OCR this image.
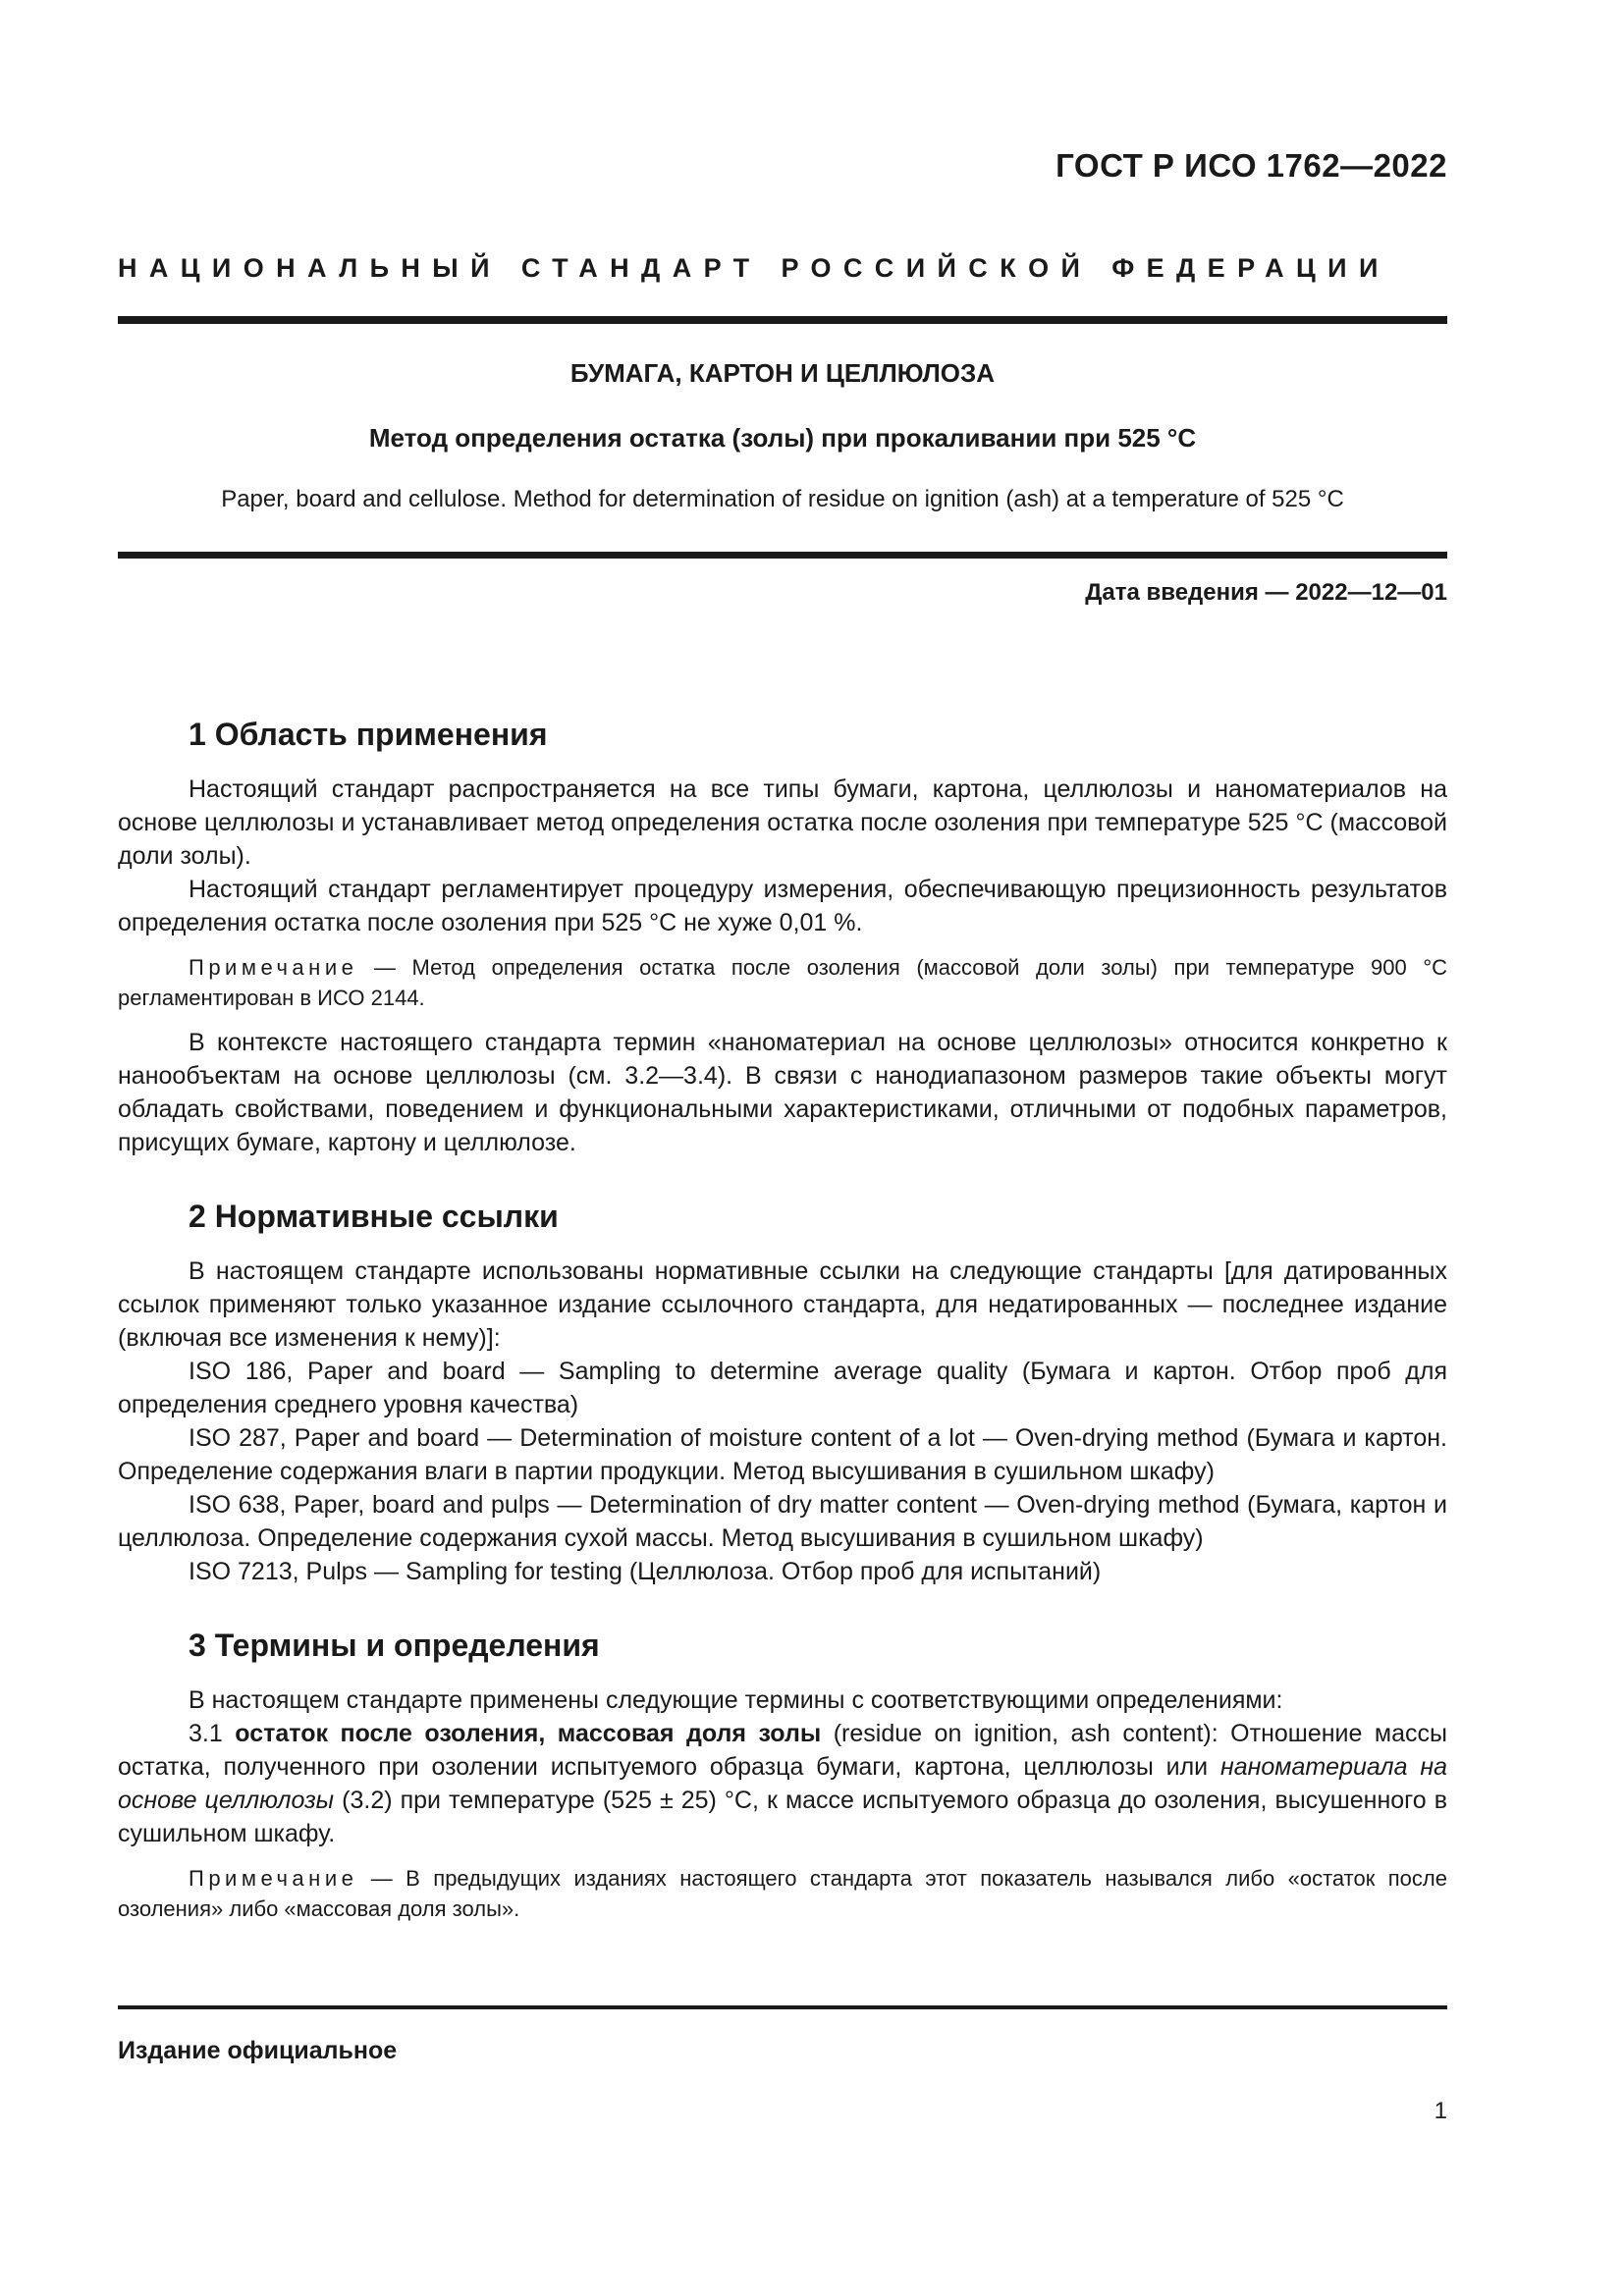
ГОСТ Р ИСО 1762—2022
НАЦИОНАЛЬНЫЙ СТАНДАРТ РОССИЙСКОЙ ФЕДЕРАЦИИ
БУМАГА, КАРТОН И ЦЕЛЛЮЛОЗА
Метод определения остатка (золы) при прокаливании при 525 °С
Paper, board and cellulose. Method for determination of residue on ignition (ash) at a temperature of 525 °С
Дата введения — 2022—12—01
1 Область применения

Настоящий стандарт распространяется на все типы бумаги, картона, целлюлозы и наноматериалов на основе целлюлозы и устанавливает метод определения остатка после озоления при температуре 525 °С (массовой доли золы).

Настоящий стандарт регламентирует процедуру измерения, обеспечивающую прецизионность результатов определения остатка после озоления при 525 °С не хуже 0,01 %.

Примечание — Метод определения остатка после озоления (массовой доли золы) при температуре 900 °С регламентирован в ИСО 2144.

В контексте настоящего стандарта термин «наноматериал на основе целлюлозы» относится конкретно к нанообъектам на основе целлюлозы (см. 3.2—3.4). В связи с нанодиапазоном размеров такие объекты могут обладать свойствами, поведением и функциональными характеристиками, отличными от подобных параметров, присущих бумаге, картону и целлюлозе.

2 Нормативные ссылки

В настоящем стандарте использованы нормативные ссылки на следующие стандарты [для датированных ссылок применяют только указанное издание ссылочного стандарта, для недатированных — последнее издание (включая все изменения к нему)]:

ISO 186, Paper and board — Sampling to determine average quality (Бумага и картон. Отбор проб для определения среднего уровня качества)

ISO 287, Paper and board — Determination of moisture content of a lot — Oven-drying method (Бумага и картон. Определение содержания влаги в партии продукции. Метод высушивания в сушильном шкафу)

ISO 638, Paper, board and pulps — Determination of dry matter content — Oven-drying method (Бумага, картон и целлюлоза. Определение содержания сухой массы. Метод высушивания в сушильном шкафу)

ISO 7213, Pulps — Sampling for testing (Целлюлоза. Отбор проб для испытаний)

3 Термины и определения

В настоящем стандарте применены следующие термины с соответствующими определениями:

3.1 остаток после озоления, массовая доля золы (residue on ignition, ash content): Отношение массы остатка, полученного при озолении испытуемого образца бумаги, картона, целлюлозы или наноматериала на основе целлюлозы (3.2) при температуре (525 ± 25) °С, к массе испытуемого образца до озоления, высушенного в сушильном шкафу.

Примечание — В предыдущих изданиях настоящего стандарта этот показатель назывался либо «остаток после озоления» либо «массовая доля золы».

Издание официальное
1
